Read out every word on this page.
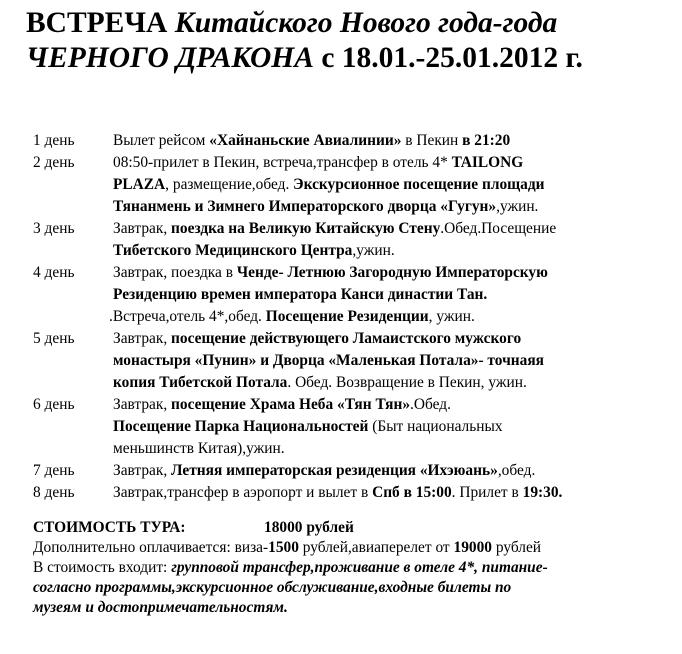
ВСТРЕЧА Китайского Нового года-года
ЧЕРНОГО ДРАКОНА с 18.01.-25.01.2012 г.
1 день	Вылет рейсом «Хайнаньские Авиалинии» в Пекин в 21:20
2 день	08:50-прилет в Пекин, встреча,трансфер в отель 4* TAILONG
PLAZA, размещение,обед. Экскурсионное посещение площади
Тянанмень и Зимнего Императорского дворца «Гугун»,ужин.
3 день	Завтрак, поездка на Великую Китайскую Стену.Обед.Посещение
Тибетского Медицинского Центра,ужин.
4 день	Завтрак, поездка в Ченде- Летнюю Загородную Императорскую
Резиденцию времен императора Канси династии Тан.
.Встреча,отель 4*,обед. Посещение Резиденции, ужин.
5 день	Завтрак, посещение действующего Ламаистского мужского
монастыря «Пунин» и Дворца «Маленькая Потала»- точнаяя
копия Тибетской Потала. Обед. Возвращение в Пекин, ужин.
6 день	Завтрак, посещение Храма Неба «Тян Тян».Обед.
Посещение Парка Национальностей (Быт национальных
меньшинств Китая),ужин.
7 день	Завтрак, Летняя императорская резиденция «Ихэюань»,обед.
8 день	Завтрак,трансфер в аэропорт и вылет в Спб в 15:00. Прилет в 19:30.
СТОИМОСТЬ ТУРА:	18000 рублей
Дополнительно оплачивается: виза-1500 рублей,авиаперелет от 19000 рублей
В стоимость входит: групповой трансфер,проживание в отеле 4*, питание-
согласно программы,экскурсионное обслуживание,входные билеты по
музеям и достопримечательностям.
